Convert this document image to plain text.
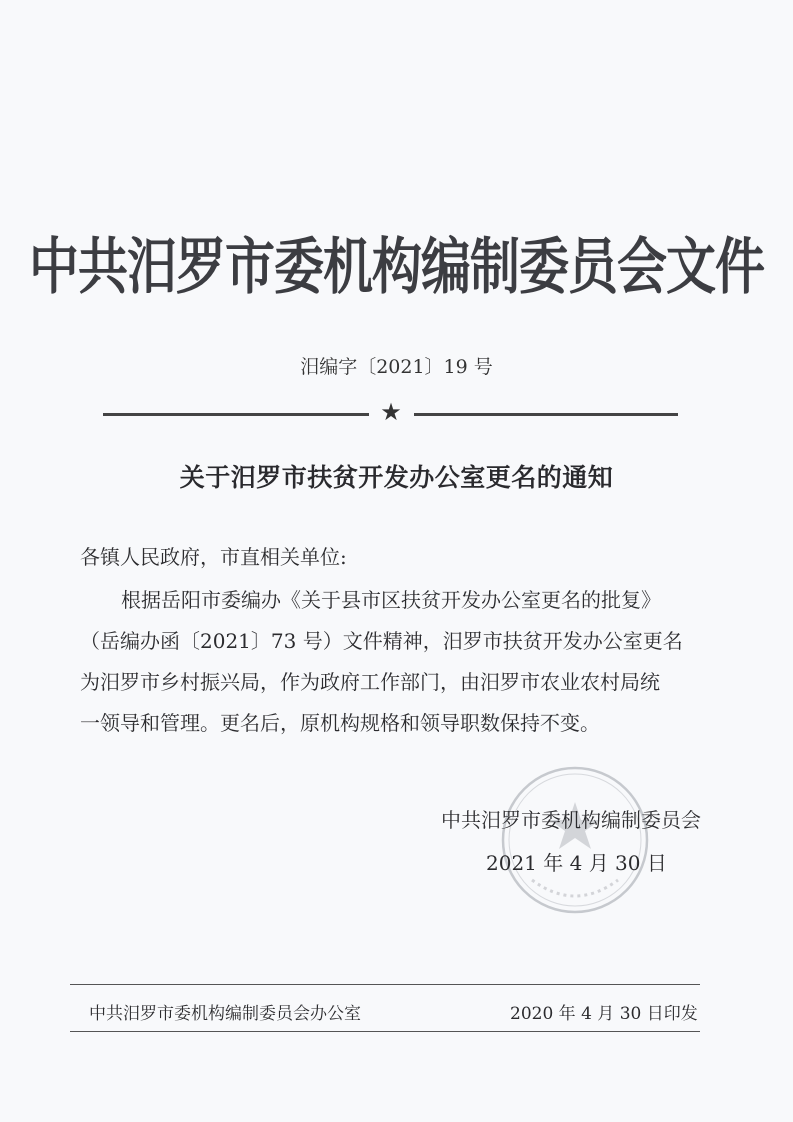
中共汨罗市委机构编制委员会文件
汨编字〔2021〕19 号
★
关于汨罗市扶贫开发办公室更名的通知
各镇人民政府，市直相关单位:
根据岳阳市委编办《关于县市区扶贫开发办公室更名的批复》
（岳编办函〔2021〕73 号）文件精神，汨罗市扶贫开发办公室更名
为汨罗市乡村振兴局，作为政府工作部门，由汨罗市农业农村局统
一领导和管理。更名后，原机构规格和领导职数保持不变。
中共汨罗市委机构编制委员会
2021 年 4 月 30 日
中共汨罗市委机构编制委员会办公室	2020 年 4 月 30 日印发
